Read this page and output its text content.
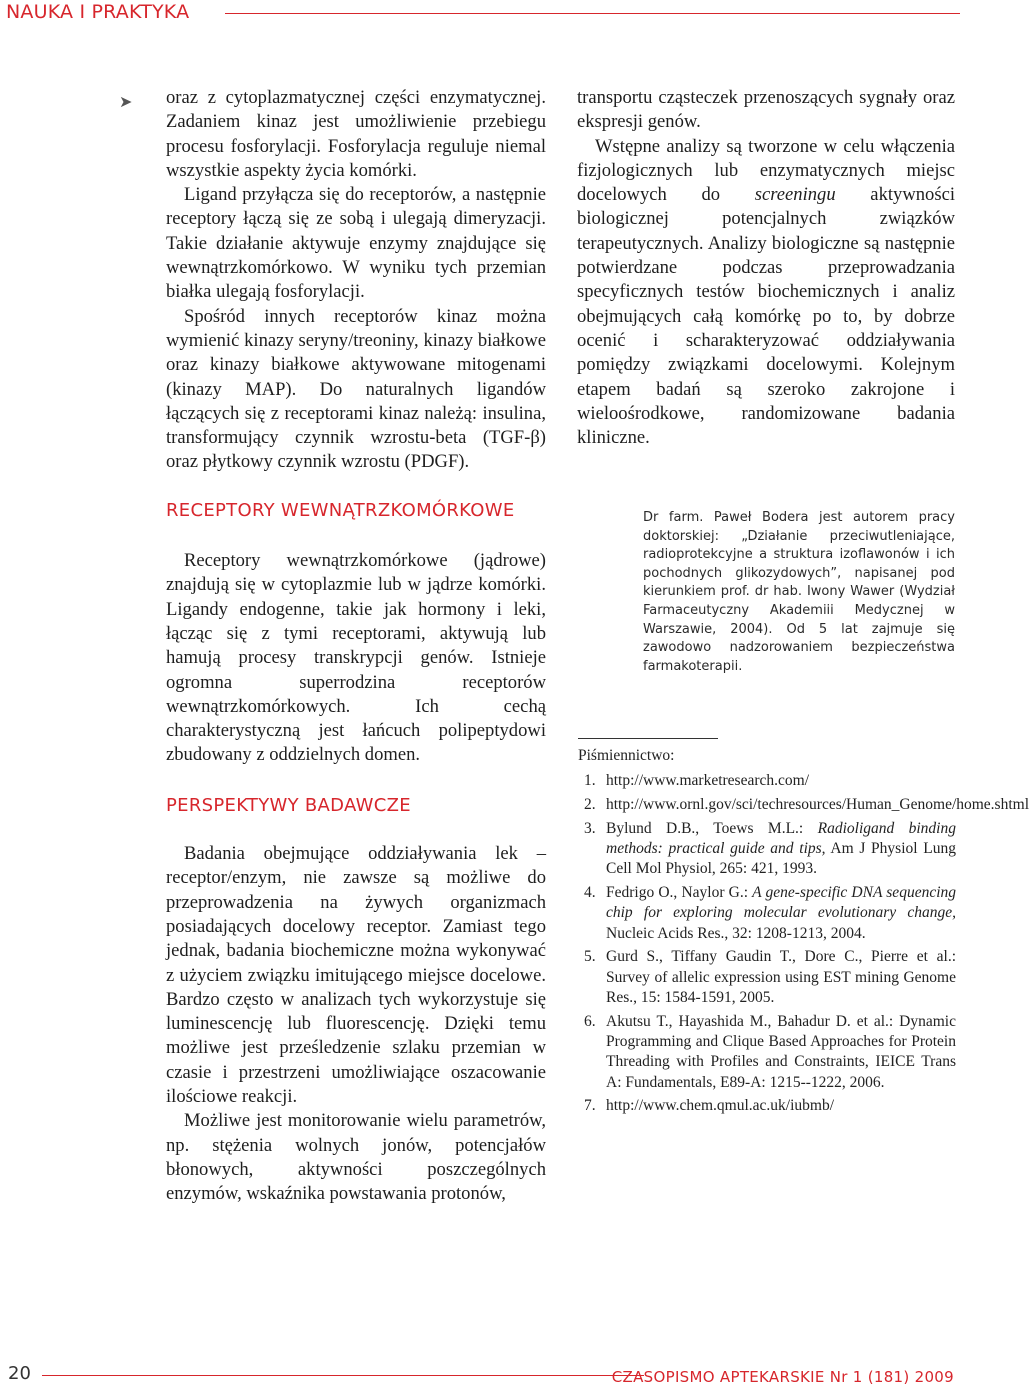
NAUKA I PRAKTYKA
➤ oraz z cytoplazmatycznej części enzymatycznej. Zadaniem kinaz jest umożliwienie przebiegu procesu fosforylacji. Fosforylacja reguluje niemal wszystkie aspekty życia komórki.

Ligand przyłącza się do receptorów, a następnie receptory łączą się ze sobą i ulegają dimeryzacji. Takie działanie aktywuje enzymy znajdujące się wewnątrzkomórkowo. W wyniku tych przemian białka ulegają fosforylacji.

Spośród innych receptorów kinaz można wymienić kinazy seryny/treoniny, kinazy białkowe oraz kinazy białkowe aktywowane mitogenami (kinazy MAP). Do naturalnych ligandów łączących się z receptorami kinaz należą: insulina, transformujący czynnik wzrostu-beta (TGF-β) oraz płytkowy czynnik wzrostu (PDGF).

RECEPTORY WEWNĄTRZKOMÓRKOWE

Receptory wewnątrzkomórkowe (jądrowe) znajdują się w cytoplazmie lub w jądrze komórki. Ligandy endogenne, takie jak hormony i leki, łącząc się z tymi receptorami, aktywują lub hamują procesy transkrypcji genów. Istnieje ogromna superrodzina receptorów wewnątrzkomórkowych. Ich cechą charakterystyczną jest łańcuch polipeptydowi zbudowany z oddzielnych domen.

PERSPEKTYWY BADAWCZE

Badania obejmujące oddziaływania lek – receptor/enzym, nie zawsze są możliwe do przeprowadzenia na żywych organizmach posiadających docelowy receptor. Zamiast tego jednak, badania biochemiczne można wykonywać z użyciem związku imitującego miejsce docelowe. Bardzo często w analizach tych wykorzystuje się luminescencję lub fluorescencję. Dzięki temu możliwe jest prześledzenie szlaku przemian w czasie i przestrzeni umożliwiające oszacowanie ilościowe reakcji.

Możliwe jest monitorowanie wielu parametrów, np. stężenia wolnych jonów, potencjałów błonowych, aktywności poszczególnych enzymów, wskaźnika powstawania protonów,

transportu cząsteczek przenoszących sygnały oraz ekspresji genów.

Wstępne analizy są tworzone w celu włączenia fizjologicznych lub enzymatycznych miejsc docelowych do screeningu aktywności biologicznej potencjalnych związków terapeutycznych. Analizy biologiczne są następnie potwierdzane podczas przeprowadzania specyficznych testów biochemicznych i analiz obejmujących całą komórkę po to, by dobrze ocenić i scharakteryzować oddziaływania pomiędzy związkami docelowymi. Kolejnym etapem badań są szeroko zakrojone i wieloośrodkowe, randomizowane badania kliniczne.

Dr farm. Paweł Bodera jest autorem pracy doktorskiej: „Działanie przeciwutleniające, radioprotekcyjne a struktura izoflawonów i ich pochodnych glikozydowych”, napisanej pod kierunkiem prof. dr hab. Iwony Wawer (Wydział Farmaceutyczny Akademiii Medycznej w Warszawie, 2004). Od 5 lat zajmuje się zawodowo nadzorowaniem bezpieczeństwa farmakoterapii.
Piśmiennictwo:
1. http://www.marketresearch.com/
2. http://www.ornl.gov/sci/techresources/Human_Genome/home.shtml
3. Bylund D.B., Toews M.L.: Radioligand binding methods: practical guide and tips, Am J Physiol Lung Cell Mol Physiol, 265: 421, 1993.
4. Fedrigo O., Naylor G.: A gene-specific DNA sequencing chip for exploring molecular evolutionary change, Nucleic Acids Res., 32: 1208-1213, 2004.
5. Gurd S., Tiffany Gaudin T., Dore C., Pierre et al.: Survey of allelic expression using EST mining Genome Res., 15: 1584-1591, 2005.
6. Akutsu T., Hayashida M., Bahadur D. et al.: Dynamic Programming and Clique Based Approaches for Protein Threading with Profiles and Constraints, IEICE Trans A: Fundamentals, E89-A: 1215--1222, 2006.
7. http://www.chem.qmul.ac.uk/iubmb/
20	CZASOPISMO APTEKARSKIE Nr 1 (181) 2009
